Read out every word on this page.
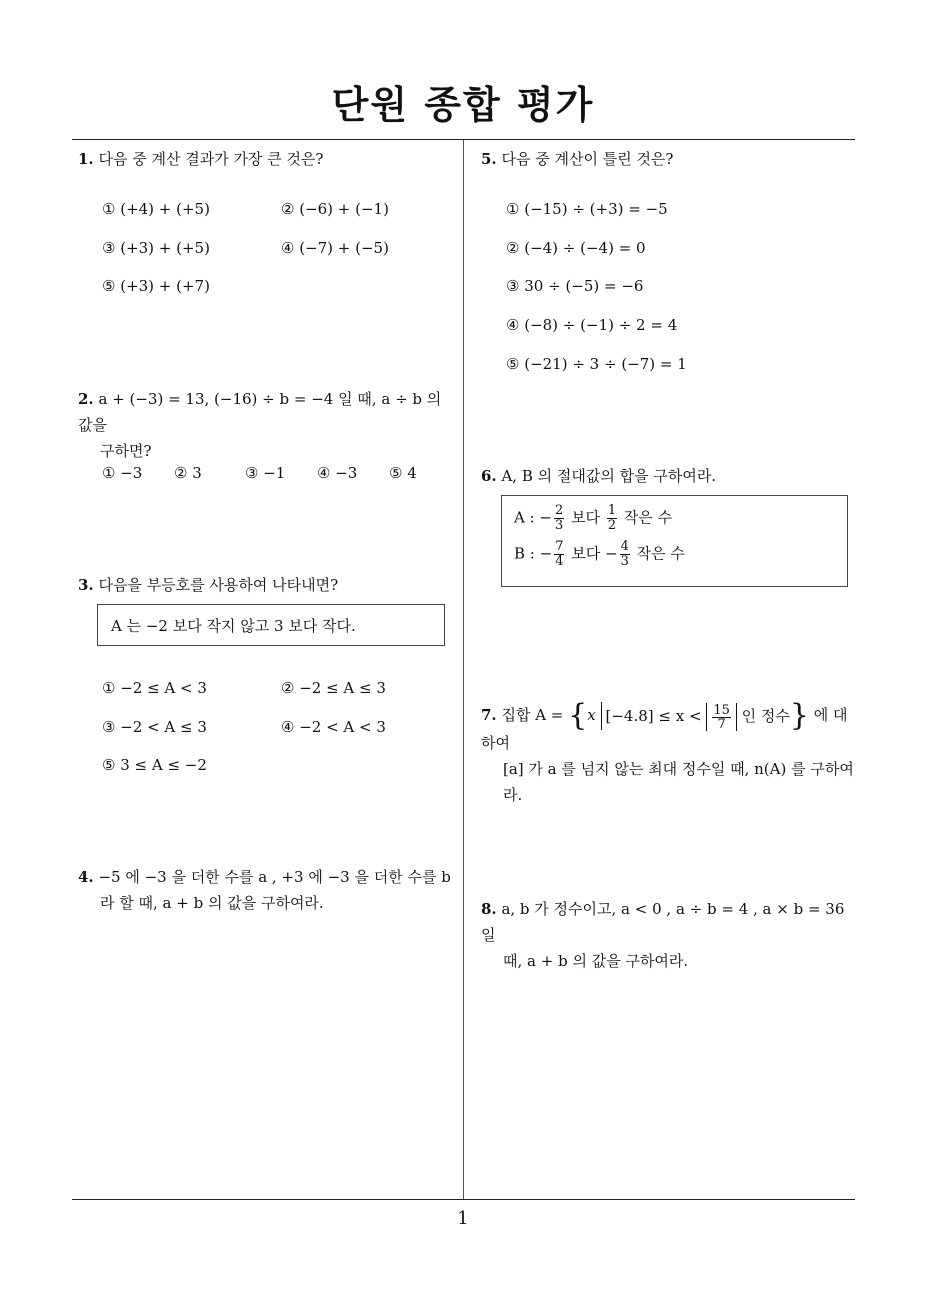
단원 종합 평가
1. 다음 중 계산 결과가 가장 큰 것은?
① (+4) + (+5)	② (−6) + (−1)
③ (+3) + (+5)	④ (−7) + (−5)
⑤ (+3) + (+7)
2. a + (−3) = 13, (−16) ÷ b = −4 일 때, a ÷ b 의 값을
구하면?
① −3 ② 3	③ −1 ④ −3 ⑤ 4
3. 다음을 부등호를 사용하여 나타내면?
A 는 −2 보다 작지 않고 3 보다 작다.
① −2 ≤ A < 3	② −2 ≤ A ≤ 3
③ −2 < A ≤ 3	④ −2 < A < 3
⑤ 3 ≤ A ≤ −2
4. −5 에 −3 을 더한 수를 a , +3 에 −3 을 더한 수를 b
라 할 때, a + b 의 값을 구하여라.
5. 다음 중 계산이 틀린 것은?
① (−15) ÷ (+3) = −5
② (−4) ÷ (−4) = 0
③ 30 ÷ (−5) = −6
④ (−8) ÷ (−1) ÷ 2 = 4
⑤ (−21) ÷ 3 ÷ (−7) = 1
6. A, B 의 절대값의 합을 구하여라.
A : − $\frac{2}{3}$ 보다 $\frac{1}{2}$ 작은 수
B : − $\frac{7}{4}$ 보다 − $\frac{4}{3}$ 작은 수
7. 집합 A = {x $[-4.8] \le x < \frac{15}{7}$ 인 정수} 에 대하여
[a] 가 a 를 넘지 않는 최대 정수일 때, n(A) 를 구하여
라.
8. a, b 가 정수이고, a < 0 , a ÷ b = 4 , a × b = 36 일
때, a + b 의 값을 구하여라.
1
